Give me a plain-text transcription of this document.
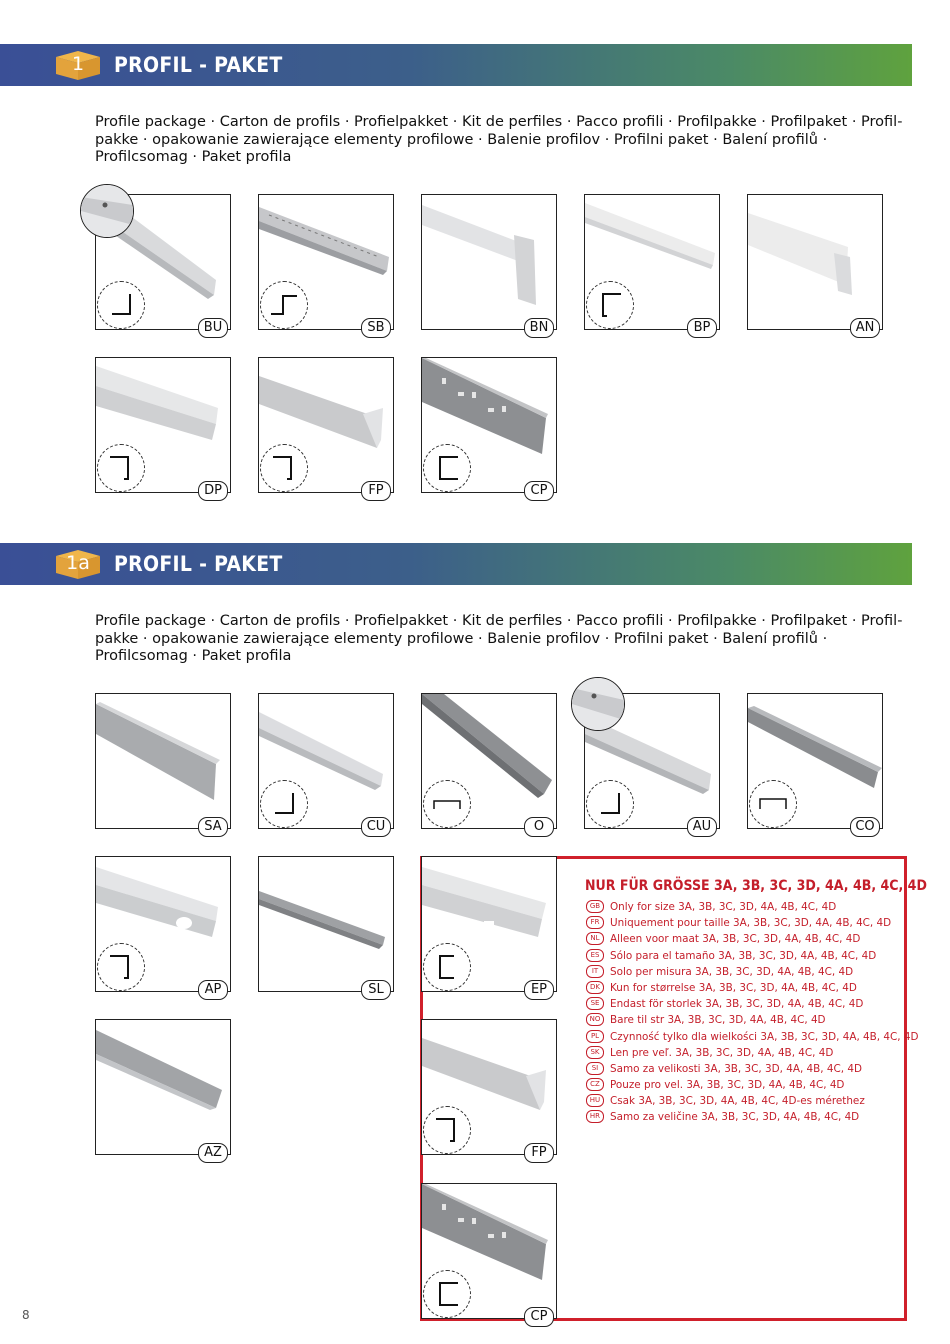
1	PROFIL - PAKET
Profile package · Carton de profils · Profielpakket · Kit de perfiles · Pacco profili · Profilpakke · Profilpaket · Profil-pakke · opakowanie zawierające elementy profilowe · Balenie profilov · Profilni paket · Balení profilů · Profilcsomag · Paket profila
BU	SB	BN	BP	AN
DP	FP	CP
1a	PROFIL - PAKET
Profile package · Carton de profils · Profielpakket · Kit de perfiles · Pacco profili · Profilpakke · Profilpaket · Profil-pakke · opakowanie zawierające elementy profilowe · Balenie profilov · Profilni paket · Balení profilů · Profilcsomag · Paket profila
SA	CU	O	AU	CO
AP	SL
AZ
EP
FP
CP
NUR FÜR GRÖSSE 3A, 3B, 3C, 3D, 4A, 4B, 4C, 4D
GB Only for size 3A, 3B, 3C, 3D, 4A, 4B, 4C, 4D
FR	Uniquement pour taille 3A, 3B, 3C, 3D, 4A, 4B, 4C, 4D
NL	Alleen voor maat 3A, 3B, 3C, 3D, 4A, 4B, 4C, 4D
ES	Sólo para el tamaño 3A, 3B, 3C, 3D, 4A, 4B, 4C, 4D
IT	Solo per misura 3A, 3B, 3C, 3D, 4A, 4B, 4C, 4D
DK Kun for størrelse 3A, 3B, 3C, 3D, 4A, 4B, 4C, 4D
SE	Endast för storlek 3A, 3B, 3C, 3D, 4A, 4B, 4C, 4D
NO Bare til str 3A, 3B, 3C, 3D, 4A, 4B, 4C, 4D
PL	Czynność tylko dla wielkości 3A, 3B, 3C, 3D, 4A, 4B, 4C, 4D
SK	Len pre veľ. 3A, 3B, 3C, 3D, 4A, 4B, 4C, 4D
SI	Samo za velikosti 3A, 3B, 3C, 3D, 4A, 4B, 4C, 4D
CZ Pouze pro vel. 3A, 3B, 3C, 3D, 4A, 4B, 4C, 4D
HU Csak 3A, 3B, 3C, 3D, 4A, 4B, 4C, 4D-es mérethez
HR Samo za veličine 3A, 3B, 3C, 3D, 4A, 4B, 4C, 4D
8
